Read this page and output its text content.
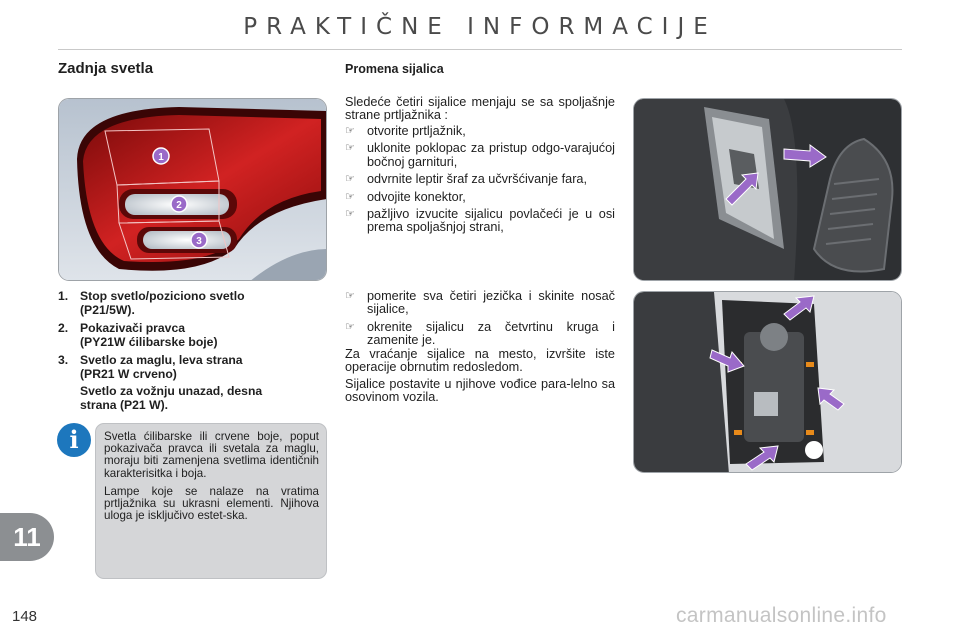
PRAKTIČNE INFORMACIJE
Zadnja svetla	Promena sijalica
1
2
3
1. Stop svetlo/poziciono svetlo
(P21/5W).
2. Pokazivači pravca
(PY21W ćilibarske boje)
3. Svetlo za maglu, leva strana
(PR21 W crveno)
Svetlo za vožnju unazad, desna
strana (P21 W).
i	Svetla ćilibarske ili crvene boje, poput pokazivača pravca ili svetala za maglu, moraju biti zamenjena svetlima identičnih karakterisitka i boja.

Lampe koje se nalaze na vratima prtljažnika su ukrasni elementi. Njihova uloga je isključivo estet-ska.

Sledeće četiri sijalice menjaju se sa spoljašnje strane prtljažnika :
☞ otvorite prtljažnik,
☞ uklonite poklopac za pristup odgo-varajućoj bočnoj garnituri,
☞ odvrnite leptir šraf za učvršćivanje fara,
☞ odvojite konektor,
☞ pažljivo izvucite sijalicu povlačeći je u osi prema spoljašnjoj strani,
☞ pomerite sva četiri jezička i skinite nosač sijalice,
☞ okrenite sijalicu za četvrtinu kruga i zamenite je.
Za vraćanje sijalice na mesto, izvršite iste operacije obrnutim redosledom.
Sijalice postavite u njihove vođice para-lelno sa osovinom vozila.
11
148	carmanualsonline.info
